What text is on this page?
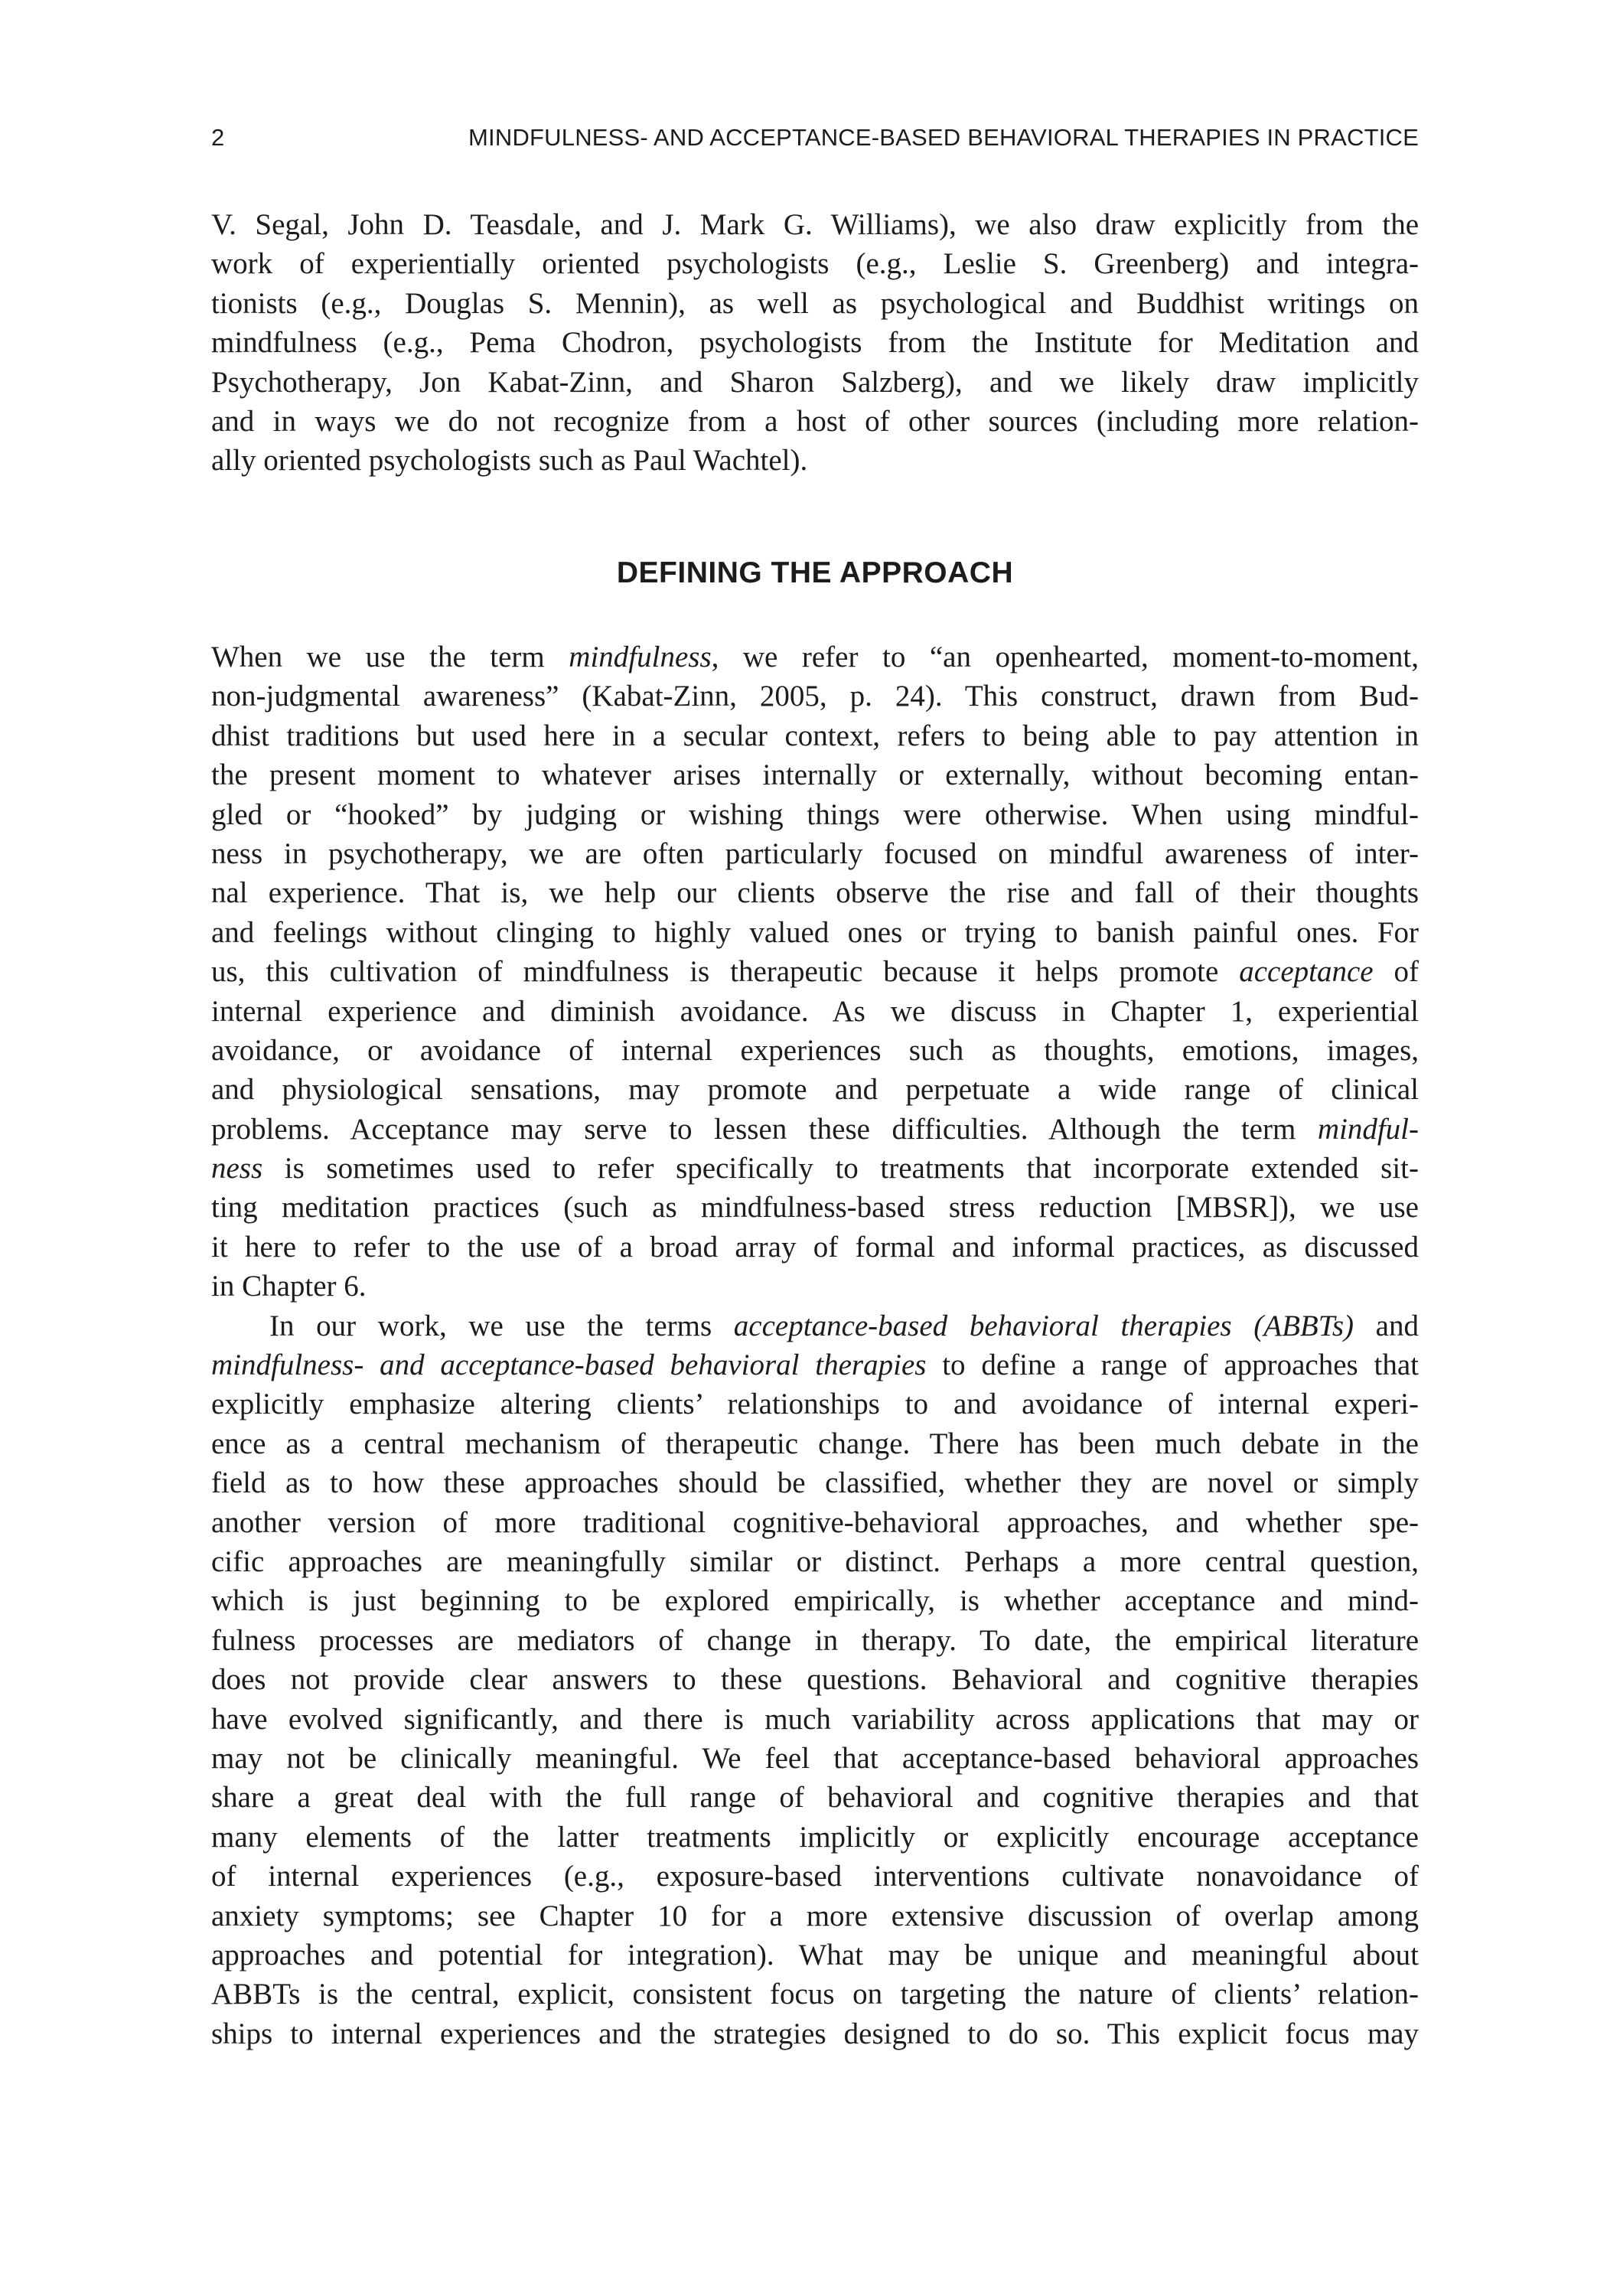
2	MINDFULNESS- AND ACCEPTANCE-BASED BEHAVIORAL THERAPIES IN PRACTICE
V. Segal, John D. Teasdale, and J. Mark G. Williams), we also draw explicitly from the
work of experientially oriented psychologists (e.g., Leslie S. Greenberg) and integra-
tionists (e.g., Douglas S. Mennin), as well as psychological and Buddhist writings on
mindfulness (e.g., Pema Chodron, psychologists from the Institute for Meditation and
Psychotherapy, Jon Kabat-Zinn, and Sharon Salzberg), and we likely draw implicitly
and in ways we do not recognize from a host of other sources (including more relation-
ally oriented psychologists such as Paul Wachtel).
DEFINING THE APPROACH
When we use the term mindfulness, we refer to “an openhearted, moment-to-moment,
non-judgmental awareness” (Kabat-Zinn, 2005, p. 24). This construct, drawn from Bud-
dhist traditions but used here in a secular context, refers to being able to pay attention in
the present moment to whatever arises internally or externally, without becoming entan-
gled or “hooked” by judging or wishing things were otherwise. When using mindful-
ness in psychotherapy, we are often particularly focused on mindful awareness of inter-
nal experience. That is, we help our clients observe the rise and fall of their thoughts
and feelings without clinging to highly valued ones or trying to banish painful ones. For
us, this cultivation of mindfulness is therapeutic because it helps promote acceptance of
internal experience and diminish avoidance. As we discuss in Chapter 1, experiential
avoidance, or avoidance of internal experiences such as thoughts, emotions, images,
and physiological sensations, may promote and perpetuate a wide range of clinical
problems. Acceptance may serve to lessen these difficulties. Although the term mindful-
ness is sometimes used to refer specifically to treatments that incorporate extended sit-
ting meditation practices (such as mindfulness-based stress reduction [MBSR]), we use
it here to refer to the use of a broad array of formal and informal practices, as discussed
in Chapter 6.
In our work, we use the terms acceptance-based behavioral therapies (ABBTs) and
mindfulness- and acceptance-based behavioral therapies to define a range of approaches that
explicitly emphasize altering clients’ relationships to and avoidance of internal experi-
ence as a central mechanism of therapeutic change. There has been much debate in the
field as to how these approaches should be classified, whether they are novel or simply
another version of more traditional cognitive-behavioral approaches, and whether spe-
cific approaches are meaningfully similar or distinct. Perhaps a more central question,
which is just beginning to be explored empirically, is whether acceptance and mind-
fulness processes are mediators of change in therapy. To date, the empirical literature
does not provide clear answers to these questions. Behavioral and cognitive therapies
have evolved significantly, and there is much variability across applications that may or
may not be clinically meaningful. We feel that acceptance-based behavioral approaches
share a great deal with the full range of behavioral and cognitive therapies and that
many elements of the latter treatments implicitly or explicitly encourage acceptance
of internal experiences (e.g., exposure-based interventions cultivate nonavoidance of
anxiety symptoms; see Chapter 10 for a more extensive discussion of overlap among
approaches and potential for integration). What may be unique and meaningful about
ABBTs is the central, explicit, consistent focus on targeting the nature of clients’ relation-
ships to internal experiences and the strategies designed to do so. This explicit focus may
